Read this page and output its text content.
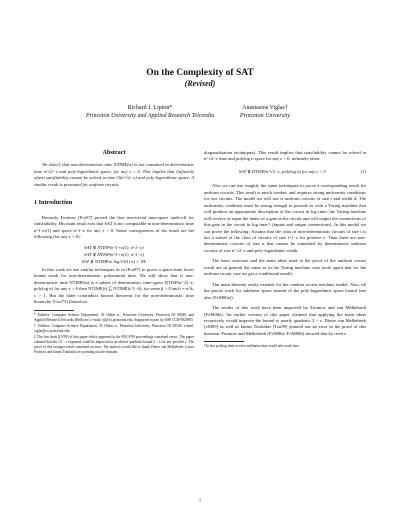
On the Complexity of SAT
(Revised)
Richard J. Lipton*
Princeton University and Applied Research Telcordia
Anastasios Viglas†
Princeton University
Abstract

We show‡ that non-deterministic time NTIME(n) is not contained in deterministic time n^√2−ε and poly-logarithmic space, for any ε > 0. This implies that (infinitely often) satisfiability cannot be solved in time O(n^√2−ε) and poly-logarithmic space. A similar result is presented for uniform circuits.

1 Introduction

Recently Fortnow [For97] proved the first non-trivial time-space trade-off for satisfiability. His main result was that SAT is not computable in non-deterministic time n^1+o(1) and space n^1−ε for any ε > 0. Some consequences of his result are the following (for any ε > 0):

SAT ∉ NTISP(n^1+o(1), n^1−ε)
SAT ∉ DTISP(n^1+o(1), n^1−ε)
SAT ∉ NTIME(n log^O(1) n) ∩ NL

In this work we use similar techniques as in [For97] to prove a space-time lower bound result for non-deterministic polynomial time. We will show that if non-deterministic time NTIME(n) is a subset of deterministic time-space DTISP(n^√2−ε, polylog n) for any ε > 0 then NTIME(t) ⊆ NTIME(t^1−δ), for some β > 0 and t = n^k, ε > 1. But the latter contradicts known theorems for the non-deterministic time hierarchy [Coo73] (based on

* Address: Computer Science Department, 35 Olden st., Princeton University, Princeton NJ 08540, and Applied Research Telcordia (Bellcore). e-mail: rjl@cs.princeton.edu. Supported in part by NSF CCR-9820855

† Address: Computer Science Department, 35 Olden st., Princeton University, Princeton NJ 08540. e-mail: viglas@cs.princeton.edu

‡ The first draft [LV99] of this paper which appeared in the FOCS'99 proceedings contained errors. The paper claimed that the √2 − ε exponent could be improved to an almost quadratic bound 2 − ε for any positive ε. The proof of this stronger result contained an error. The authors would like to thank Dieter van Melkebeek, Lance Fortnow and Iannis Tourlakis for pointing out the mistake.

diagonalization techniques). This result implies that satisfiability cannot be solved in n^√2−ε time and polylog n space for any ε > 0, infinitely often:

SAT ∉ DTISP(n^√2−ε, polylog n) for any ε > 0	(1)

Also we can use roughly the same techniques to prove a corresponding result for uniform circuits. This result is much weaker, and requires strong uniformity conditions for our circuits. The model we will use is uniform circuits of size t and width d. The uniformity condition must be strong enough to provide us with a Turing machine that will produce an appropriate description of the circuit in log time; the Turing machine will receive as input the index of a gate in the circuit and will output the connections of this gate in the circuit in log time† (inputs and output connections). In this model we can prove the following: Assume that the class of non-deterministic circuits of size t is not a subset of the class of circuits of size t^1−ε for positive ε. Then there are non-deterministic circuits of size n that cannot be simulated by deterministic uniform circuits of size n^√2−ε and poly-logarithmic width.

The basic structure and the main ideas used in the proof of the uniform circuit result are in general the same as in the Turing machine case (note again that for the uniform circuit case we get a conditional result).

The main theorem easily extends for the random access machine model. Also, all the proofs work for sublinear space instead of the poly-logarithmic space bound (see also [FvM00a]).

The results of this work have been improved by Fortnow and van Melkebeek [FvM00a]. An earlier version of this paper claimed that applying the main ideas recursively would improve the bound to nearly quadratic 2 − ε. Dieter van Melkebeek [vM99] as well as Iannis Tourlakis [Tou99] pointed out an error in the proof of this theorem. Fortnow and Melkebeek [FvM00a, FvM00b] showed that by revers-

†In fact polylog time or even sublinear time would also work here.

1
